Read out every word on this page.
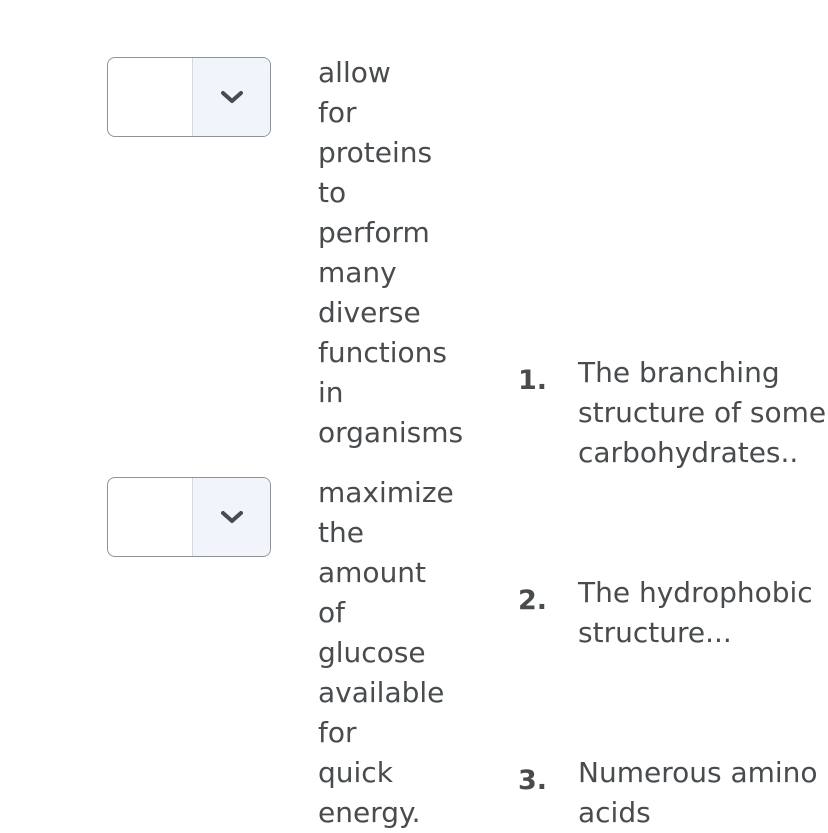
allow for proteins to perform many diverse functions in organisms
maximize the amount of glucose available for quick energy.
1. The branching structure of some carbohydrates..
2. The hydrophobic structure...
3. Numerous amino acids
